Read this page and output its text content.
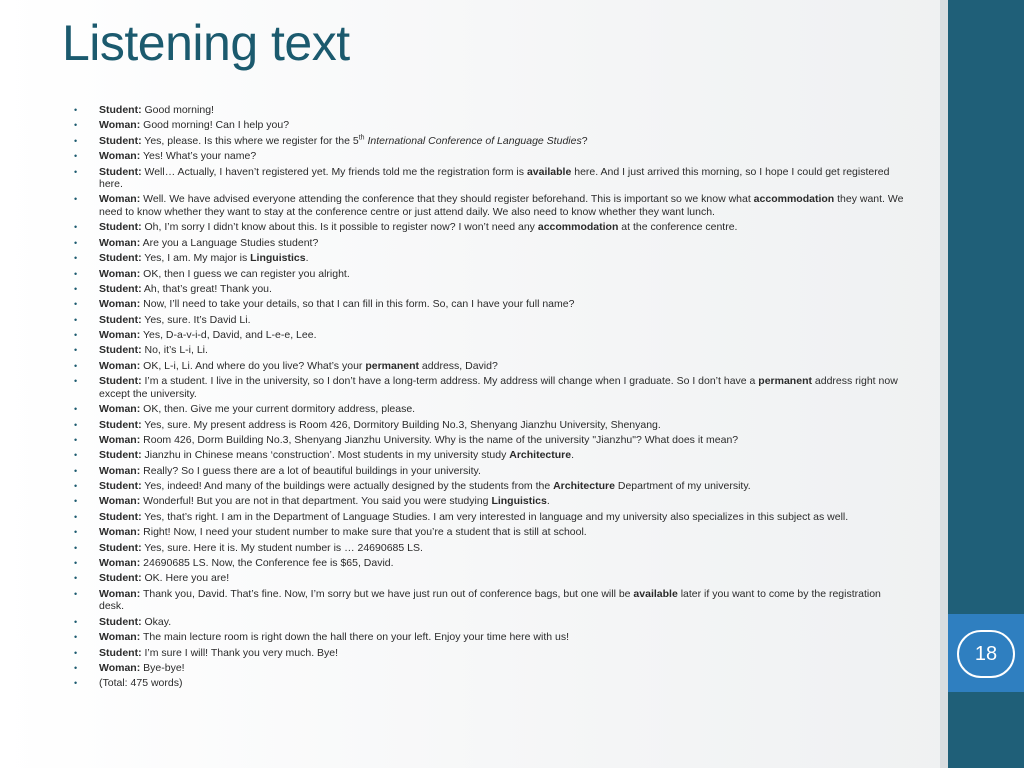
18
Listening text
• Student: Good morning!
• Woman: Good morning! Can I help you?
• Student: Yes, please. Is this where we register for the 5th International Conference of Language Studies?
• Woman: Yes! What’s your name?
• Student: Well… Actually, I haven’t registered yet. My friends told me the registration form is available here. And I just arrived this morning, so I hope I could get registered here.
• Woman: Well. We have advised everyone attending the conference that they should register beforehand. This is important so we know what accommodation they want. We need to know whether they want to stay at the conference centre or just attend daily. We also need to know whether they want lunch.
• Student: Oh, I’m sorry I didn’t know about this. Is it possible to register now? I won’t need any accommodation at the conference centre.
• Woman: Are you a Language Studies student?
• Student: Yes, I am. My major is Linguistics.
• Woman: OK, then I guess we can register you alright.
• Student: Ah, that’s great! Thank you.
• Woman: Now, I’ll need to take your details, so that I can fill in this form. So, can I have your full name?
• Student: Yes, sure. It’s David Li.
• Woman: Yes, D-a-v-i-d, David, and L-e-e, Lee.
• Student: No, it’s L-i, Li.
• Woman: OK, L-i, Li. And where do you live? What’s your permanent address, David?
• Student: I’m a student. I live in the university, so I don’t have a long-term address. My address will change when I graduate. So I don’t have a permanent address right now except the university.
• Woman: OK, then. Give me your current dormitory address, please.
• Student: Yes, sure. My present address is Room 426, Dormitory Building No.3, Shenyang Jianzhu University, Shenyang.
• Woman: Room 426, Dorm Building No.3, Shenyang Jianzhu University. Why is the name of the university "Jianzhu"? What does it mean?
• Student: Jianzhu in Chinese means ‘construction’. Most students in my university study Architecture.
• Woman: Really? So I guess there are a lot of beautiful buildings in your university.
• Student: Yes, indeed! And many of the buildings were actually designed by the students from the Architecture Department of my university.
• Woman: Wonderful! But you are not in that department. You said you were studying Linguistics.
• Student: Yes, that’s right. I am in the Department of Language Studies. I am very interested in language and my university also specializes in this subject as well.
• Woman: Right! Now, I need your student number to make sure that you’re a student that is still at school.
• Student: Yes, sure. Here it is. My student number is … 24690685 LS.
• Woman: 24690685 LS. Now, the Conference fee is $65, David.
• Student: OK. Here you are!
• Woman: Thank you, David. That’s fine. Now, I’m sorry but we have just run out of conference bags, but one will be available later if you want to come by the registration desk.
• Student: Okay.
• Woman: The main lecture room is right down the hall there on your left. Enjoy your time here with us!
• Student: I’m sure I will! Thank you very much. Bye!
• Woman: Bye-bye!
• (Total: 475 words)
